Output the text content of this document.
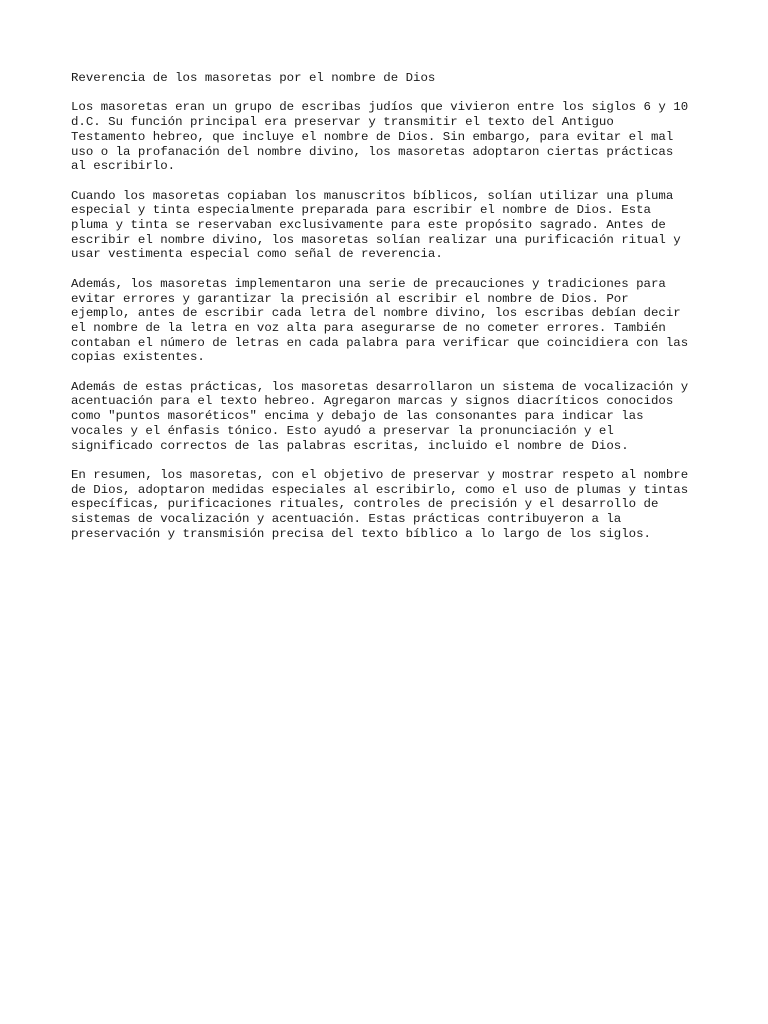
Reverencia de los masoretas por el nombre de Dios

Los masoretas eran un grupo de escribas judíos que vivieron entre los siglos 6 y 10
d.C. Su función principal era preservar y transmitir el texto del Antiguo
Testamento hebreo, que incluye el nombre de Dios. Sin embargo, para evitar el mal
uso o la profanación del nombre divino, los masoretas adoptaron ciertas prácticas
al escribirlo.

Cuando los masoretas copiaban los manuscritos bíblicos, solían utilizar una pluma
especial y tinta especialmente preparada para escribir el nombre de Dios. Esta
pluma y tinta se reservaban exclusivamente para este propósito sagrado. Antes de
escribir el nombre divino, los masoretas solían realizar una purificación ritual y
usar vestimenta especial como señal de reverencia.

Además, los masoretas implementaron una serie de precauciones y tradiciones para
evitar errores y garantizar la precisión al escribir el nombre de Dios. Por
ejemplo, antes de escribir cada letra del nombre divino, los escribas debían decir
el nombre de la letra en voz alta para asegurarse de no cometer errores. También
contaban el número de letras en cada palabra para verificar que coincidiera con las
copias existentes.

Además de estas prácticas, los masoretas desarrollaron un sistema de vocalización y
acentuación para el texto hebreo. Agregaron marcas y signos diacríticos conocidos
como "puntos masoréticos" encima y debajo de las consonantes para indicar las
vocales y el énfasis tónico. Esto ayudó a preservar la pronunciación y el
significado correctos de las palabras escritas, incluido el nombre de Dios.

En resumen, los masoretas, con el objetivo de preservar y mostrar respeto al nombre
de Dios, adoptaron medidas especiales al escribirlo, como el uso de plumas y tintas
específicas, purificaciones rituales, controles de precisión y el desarrollo de
sistemas de vocalización y acentuación. Estas prácticas contribuyeron a la
preservación y transmisión precisa del texto bíblico a lo largo de los siglos.
